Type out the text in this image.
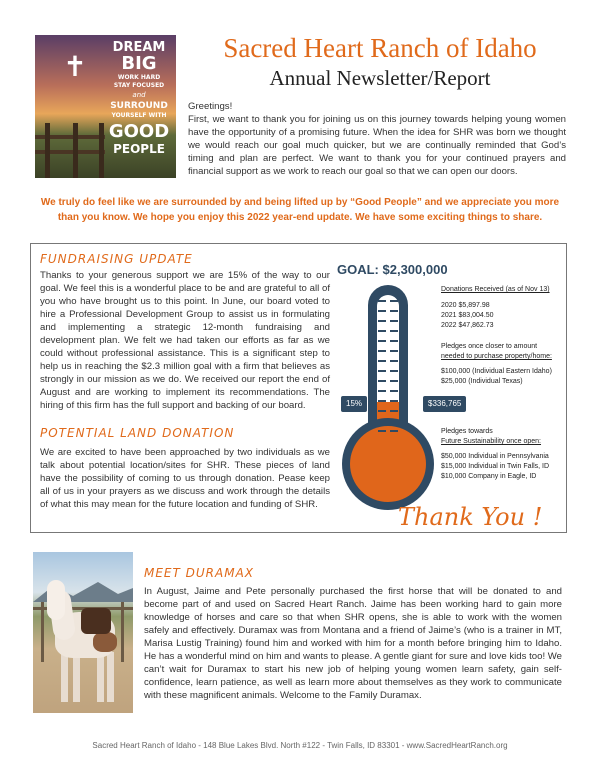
✝
DREAM
BIG
WORK HARD
STAY FOCUSED
and
SURROUND
YOURSELF WITH
GOOD
PEOPLE
Sacred Heart Ranch of Idaho
Annual Newsletter/Report

Greetings!

First, we want to thank you for joining us on this journey towards helping young women have the opportunity of a promising future. When the idea for SHR was born we thought we would reach our goal much quicker, but we are continually reminded that God’s timing and plan are perfect. We want to thank you for your continued prayers and financial support as we work to reach our goal so that we can open our doors.

We truly do feel like we are surrounded by and being lifted up by “Good People” and we appreciate you more than you know. We hope you enjoy this 2022 year-end update. We have some exciting things to share.
FUNDRAISING UPDATE
Thanks to your generous support we are 15% of the way to our goal. We feel this is a wonderful place to be and are grateful to all of you who have brought us to this point. In June, our board voted to hire a Professional Development Group to assist us in formulating and implementing a strategic 12-month fundraising and development plan. We felt we had taken our efforts as far as we could without professional assistance. This is a significant step to help us in reaching the $2.3 million goal with a firm that believes as strongly in our mission as we do. We received our report the end of August and are working to implement its recommendations. The hiring of this firm has the full support and backing of our board.
POTENTIAL LAND DONATION
We are excited to have been approached by two individuals as we talk about potential location/sites for SHR. These pieces of land have the possibility of coming to us through donation. Pease keep all of us in your prayers as we discuss and work through the details of what this may mean for the future location and funding of SHR.
GOAL: $2,300,000
15%	$336,765
Donations Received (as of Nov 13)
2020 $5,897.98
2021 $83,004.50
2022 $47,862.73
Pledges once closer to amount
needed to purchase property/home:
$100,000 (Individual Eastern Idaho)
$25,000 (Individual Texas)
Pledges towards
Future Sustainability once open:
$50,000 Individual in Pennsylvania
$15,000 Individual in Twin Falls, ID
$10,000 Company in Eagle, ID
Thank You !
MEET DURAMAX
In August, Jaime and Pete personally purchased the first horse that will be donated to and become part of and used on Sacred Heart Ranch. Jaime has been working hard to gain more knowledge of horses and care so that when SHR opens, she is able to work with the women safely and effectively. Duramax was from Montana and a friend of Jaime’s (who is a trainer in MT, Marisa Lustig Training) found him and worked with him for a month before bringing him to Idaho. He has a wonderful mind on him and wants to please. A gentle giant for sure and love kids too! We can’t wait for Duramax to start his new job of helping young women learn safety, gain self-confidence, learn patience, as well as learn more about themselves as they work to communicate with these magnificent animals. Welcome to the Family Duramax.
Sacred Heart Ranch of Idaho - 148 Blue Lakes Blvd. North #122 - Twin Falls, ID 83301 - www.SacredHeartRanch.org
